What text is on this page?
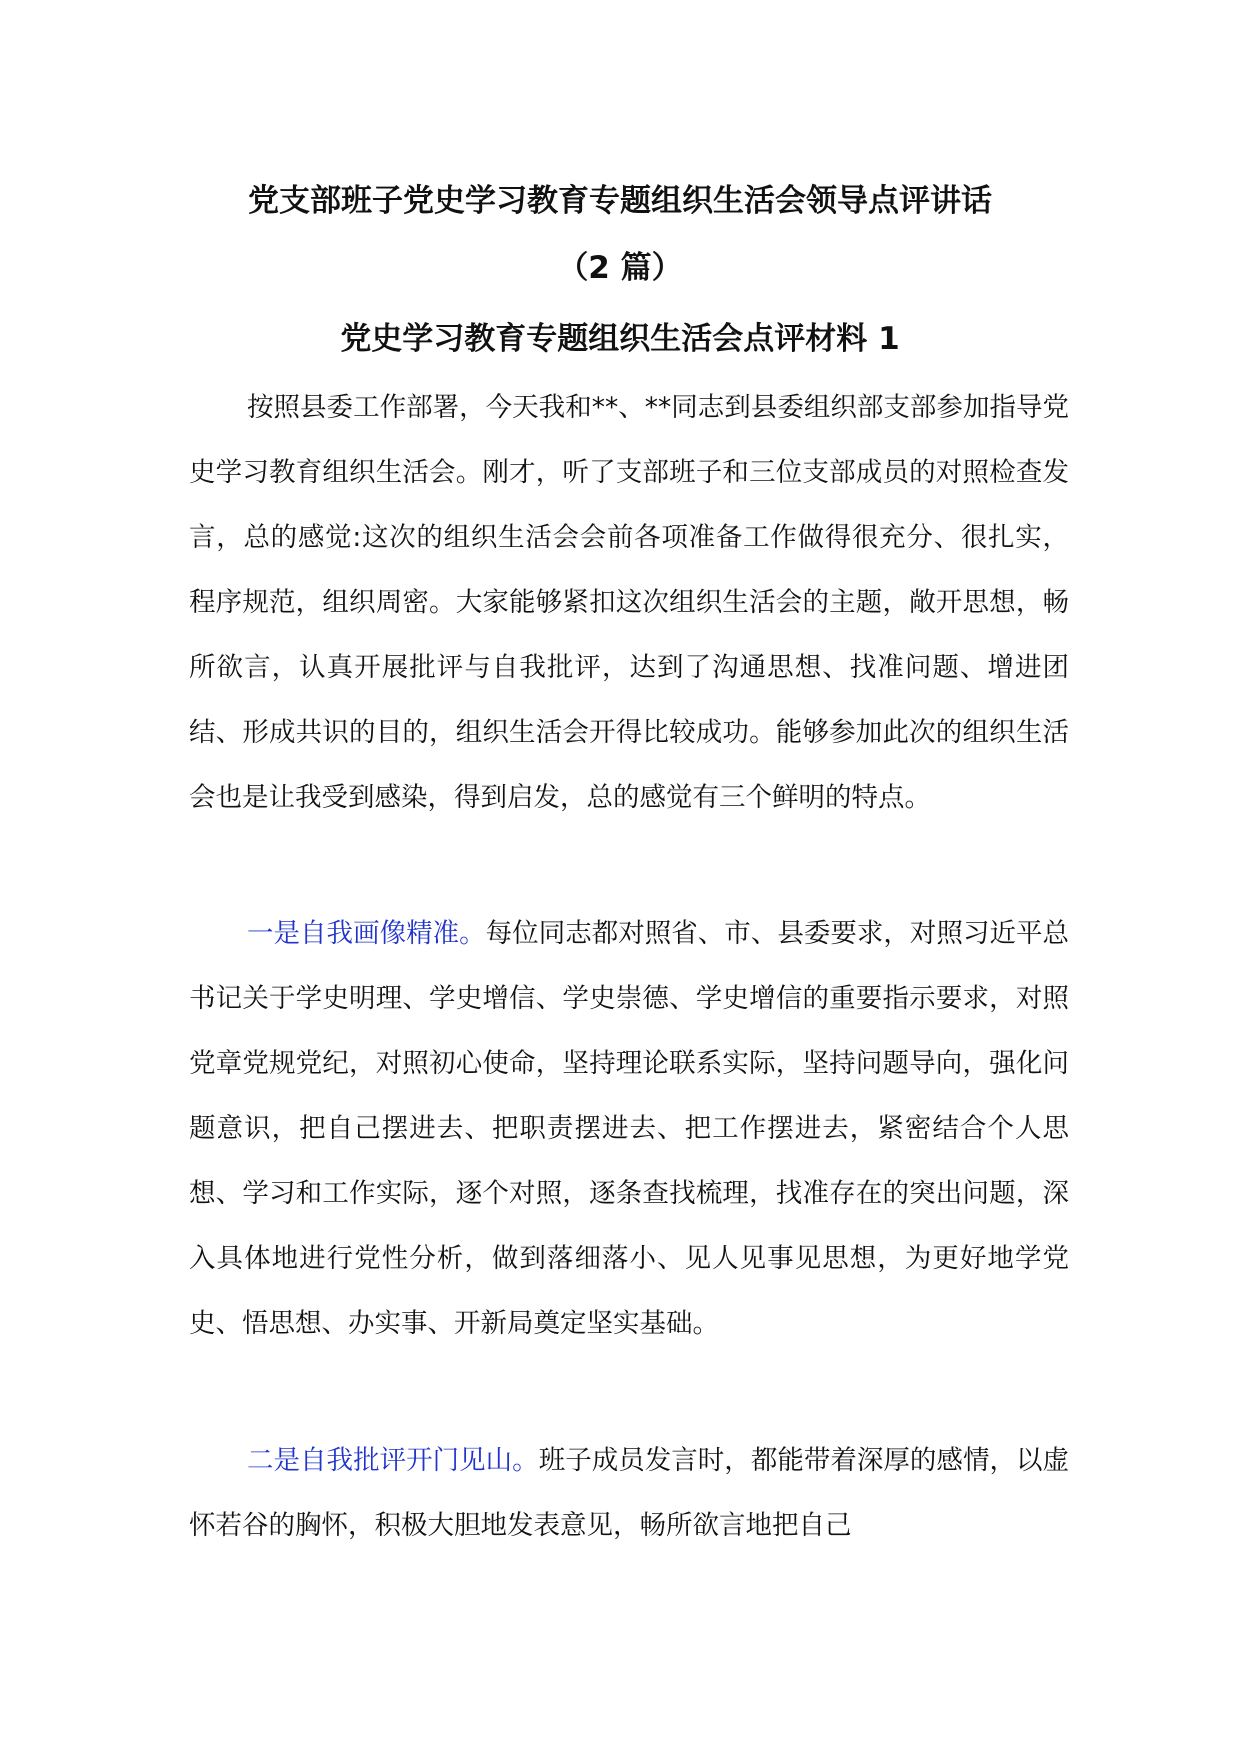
党支部班子党史学习教育专题组织生活会领导点评讲话
（2 篇）
党史学习教育专题组织生活会点评材料 1

按照县委工作部署，今天我和**、**同志到县委组织部支部参加指导党史学习教育组织生活会。刚才，听了支部班子和三位支部成员的对照检查发言，总的感觉:这次的组织生活会会前各项准备工作做得很充分、很扎实，程序规范，组织周密。大家能够紧扣这次组织生活会的主题，敞开思想，畅所欲言，认真开展批评与自我批评，达到了沟通思想、找准问题、增进团结、形成共识的目的，组织生活会开得比较成功。能够参加此次的组织生活会也是让我受到感染，得到启发，总的感觉有三个鲜明的特点。

一是自我画像精准。每位同志都对照省、市、县委要求，对照习近平总书记关于学史明理、学史增信、学史崇德、学史增信的重要指示要求，对照党章党规党纪，对照初心使命，坚持理论联系实际，坚持问题导向，强化问题意识，把自己摆进去、把职责摆进去、把工作摆进去，紧密结合个人思想、学习和工作实际，逐个对照，逐条查找梳理，找准存在的突出问题，深入具体地进行党性分析，做到落细落小、见人见事见思想，为更好地学党史、悟思想、办实事、开新局奠定坚实基础。

二是自我批评开门见山。班子成员发言时，都能带着深厚的感情，以虚怀若谷的胸怀，积极大胆地发表意见，畅所欲言地把自己
